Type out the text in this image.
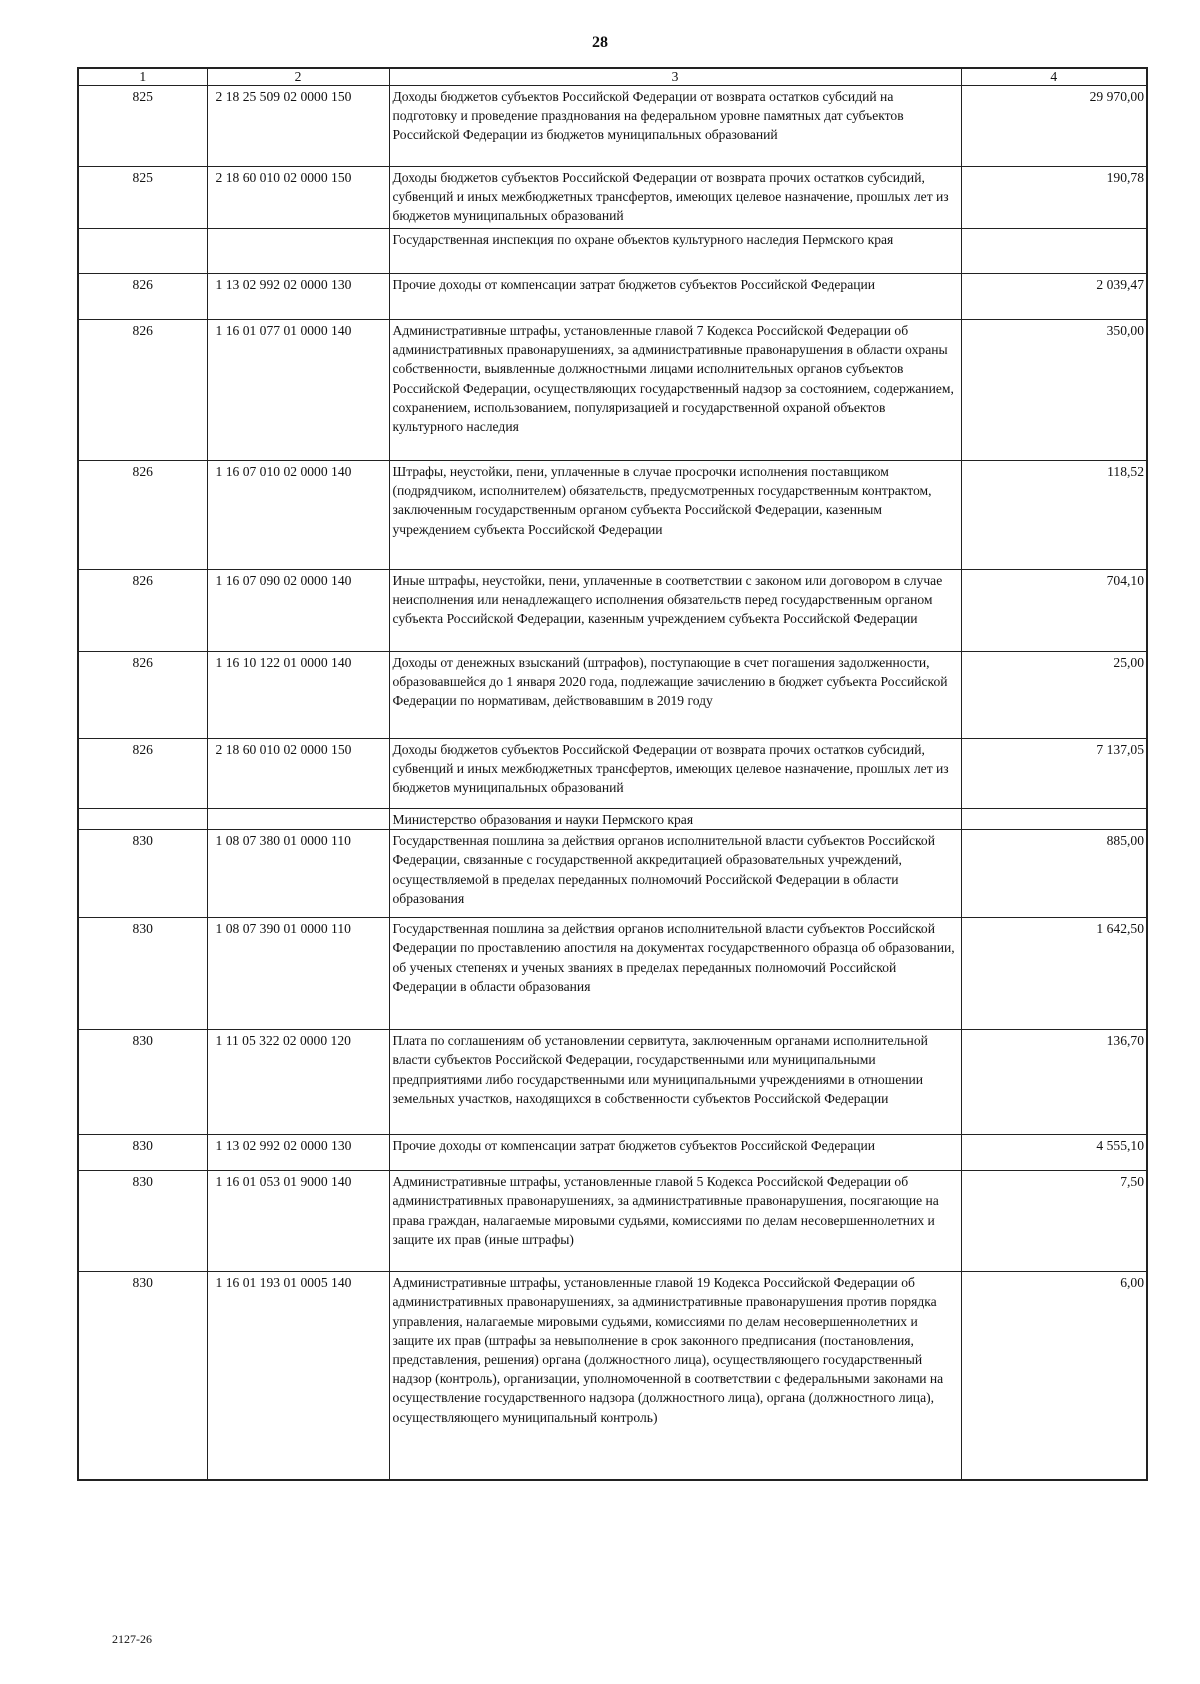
28
1	2	3	4
825	2 18 25 509 02 0000 150	Доходы бюджетов субъектов Российской Федерации от возврата остатков субсидий на подготовку и проведение празднования на федеральном уровне памятных дат субъектов Российской Федерации из бюджетов муниципальных образований	29 970,00
825	2 18 60 010 02 0000 150	Доходы бюджетов субъектов Российской Федерации от возврата прочих остатков субсидий, субвенций и иных межбюджетных трансфертов, имеющих целевое назначение, прошлых лет из бюджетов муниципальных образований	190,78
		Государственная инспекция по охране объектов культурного наследия Пермского края	
826	1 13 02 992 02 0000 130	Прочие доходы от компенсации затрат бюджетов субъектов Российской Федерации	2 039,47
826	1 16 01 077 01 0000 140	Административные штрафы, установленные главой 7 Кодекса Российской Федерации об административных правонарушениях, за административные правонарушения в области охраны собственности, выявленные должностными лицами исполнительных органов субъектов Российской Федерации, осуществляющих государственный надзор за состоянием, содержанием, сохранением, использованием, популяризацией и государственной охраной объектов культурного наследия	350,00
826	1 16 07 010 02 0000 140	Штрафы, неустойки, пени, уплаченные в случае просрочки исполнения поставщиком (подрядчиком, исполнителем) обязательств, предусмотренных государственным контрактом, заключенным государственным органом субъекта Российской Федерации, казенным учреждением субъекта Российской Федерации	118,52
826	1 16 07 090 02 0000 140	Иные штрафы, неустойки, пени, уплаченные в соответствии с законом или договором в случае неисполнения или ненадлежащего исполнения обязательств перед государственным органом субъекта Российской Федерации, казенным учреждением субъекта Российской Федерации	704,10
826	1 16 10 122 01 0000 140	Доходы от денежных взысканий (штрафов), поступающие в счет погашения задолженности, образовавшейся до 1 января 2020 года, подлежащие зачислению в бюджет субъекта Российской Федерации по нормативам, действовавшим в 2019 году	25,00
826	2 18 60 010 02 0000 150	Доходы бюджетов субъектов Российской Федерации от возврата прочих остатков субсидий, субвенций и иных межбюджетных трансфертов, имеющих целевое назначение, прошлых лет из бюджетов муниципальных образований	7 137,05
		Министерство образования и науки Пермского края	
830	1 08 07 380 01 0000 110	Государственная пошлина за действия органов исполнительной власти субъектов Российской Федерации, связанные с государственной аккредитацией образовательных учреждений, осуществляемой в пределах переданных полномочий Российской Федерации в области образования	885,00
830	1 08 07 390 01 0000 110	Государственная пошлина за действия органов исполнительной власти субъектов Российской Федерации по проставлению апостиля на документах государственного образца об образовании, об ученых степенях и ученых званиях в пределах переданных полномочий Российской Федерации в области образования	1 642,50
830	1 11 05 322 02 0000 120	Плата по соглашениям об установлении сервитута, заключенным органами исполнительной власти субъектов Российской Федерации, государственными или муниципальными предприятиями либо государственными или муниципальными учреждениями в отношении земельных участков, находящихся в собственности субъектов Российской Федерации	136,70
830	1 13 02 992 02 0000 130	Прочие доходы от компенсации затрат бюджетов субъектов Российской Федерации	4 555,10
830	1 16 01 053 01 9000 140	Административные штрафы, установленные главой 5 Кодекса Российской Федерации об административных правонарушениях, за административные правонарушения, посягающие на права граждан, налагаемые мировыми судьями, комиссиями по делам несовершеннолетних и защите их прав (иные штрафы)	7,50
830	1 16 01 193 01 0005 140	Административные штрафы, установленные главой 19 Кодекса Российской Федерации об административных правонарушениях, за административные правонарушения против порядка управления, налагаемые мировыми судьями, комиссиями по делам несовершеннолетних и защите их прав (штрафы за невыполнение в срок законного предписания (постановления, представления, решения) органа (должностного лица), осуществляющего государственный надзор (контроль), организации, уполномоченной в соответствии с федеральными законами на осуществление государственного надзора (должностного лица), органа (должностного лица), осуществляющего муниципальный контроль)	6,00
2127-26
